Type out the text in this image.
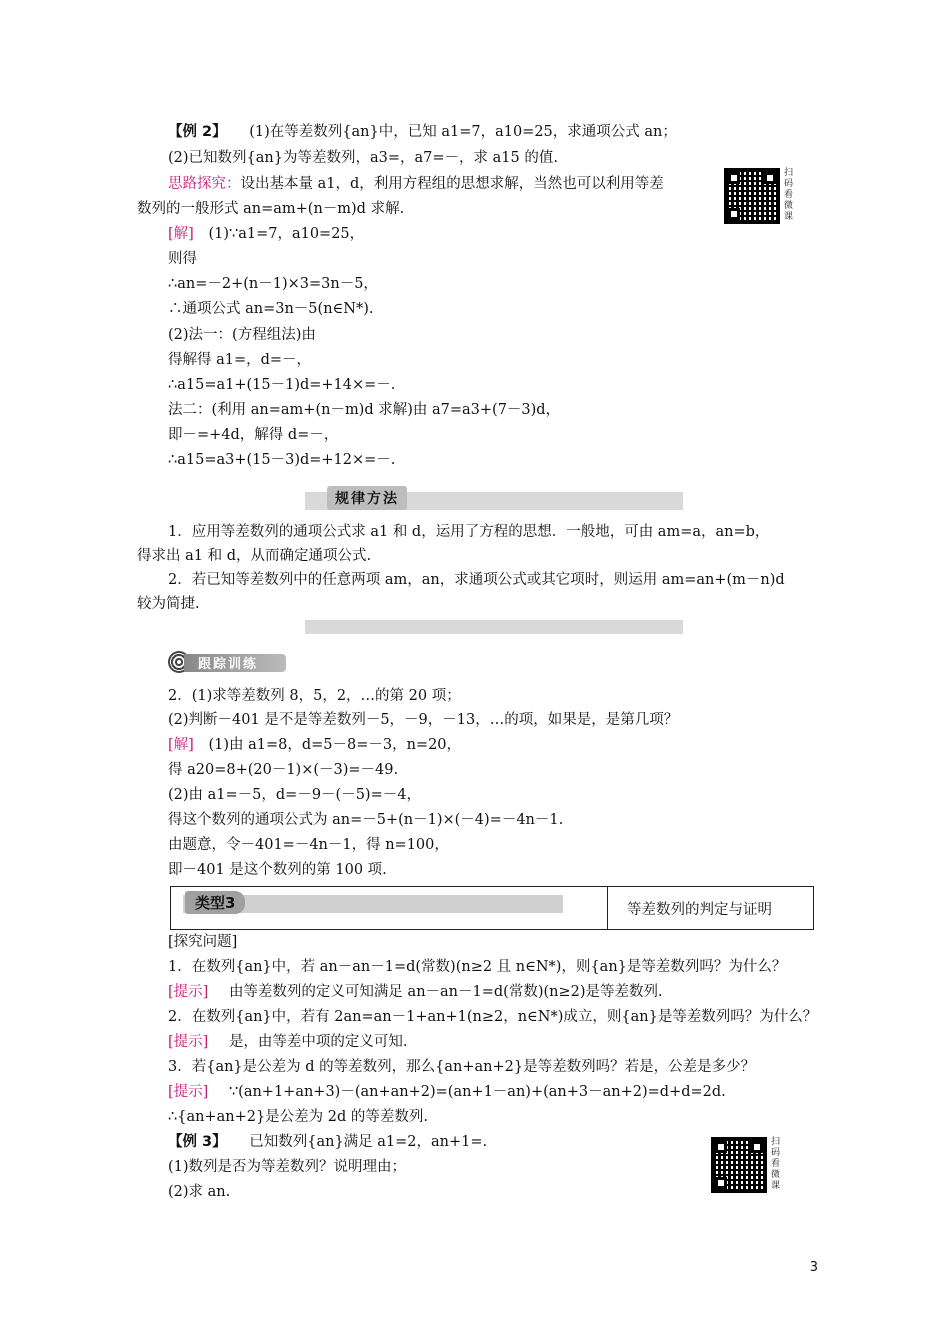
【例 2】 (1)在等差数列{an}中，已知 a1=7，a10=25，求通项公式 an；
(2)已知数列{an}为等差数列，a3=，a7=－，求 a15 的值.
思路探究：设出基本量 a1，d，利用方程组的思想求解，当然也可以利用等差
数列的一般形式 an=am+(n－m)d 求解.
[解] (1)∵a1=7，a10=25，
则得
∴an=－2+(n－1)×3=3n－5，
∴通项公式 an=3n－5(n∈N*).
(2)法一：(方程组法)由
得解得 a1=，d=－，
∴a15=a1+(15－1)d=+14×=－.
法二：(利用 an=am+(n－m)d 求解)由 a7=a3+(7－3)d，
即－=+4d，解得 d=－，
∴a15=a3+(15－3)d=+12×=－.
扫
码
看
微
课
规律方法
1．应用等差数列的通项公式求 a1 和 d，运用了方程的思想．一般地，可由 am=a，an=b，
得求出 a1 和 d，从而确定通项公式.
2．若已知等差数列中的任意两项 am，an，求通项公式或其它项时，则运用 am=an+(m－n)d
较为简捷.
跟踪训练
2．(1)求等差数列 8，5，2，…的第 20 项；
(2)判断－401 是不是等差数列－5，－9，－13，…的项，如果是，是第几项？
[解] (1)由 a1=8，d=5－8=－3，n=20，
得 a20=8+(20－1)×(－3)=－49.
(2)由 a1=－5，d=－9－(－5)=－4，
得这个数列的通项公式为 an=－5+(n－1)×(－4)=－4n－1.
由题意，令－401=－4n－1，得 n=100，
即－401 是这个数列的第 100 项.
类型3	等差数列的判定与证明
[探究问题]
1．在数列{an}中，若 an－an－1=d(常数)(n≥2 且 n∈N*)，则{an}是等差数列吗？为什么？
[提示] 由等差数列的定义可知满足 an－an－1=d(常数)(n≥2)是等差数列.
2．在数列{an}中，若有 2an=an－1+an+1(n≥2，n∈N*)成立，则{an}是等差数列吗？为什么？
[提示] 是，由等差中项的定义可知.
3．若{an}是公差为 d 的等差数列，那么{an+an+2}是等差数列吗？若是，公差是多少？
[提示] ∵(an+1+an+3)－(an+an+2)=(an+1－an)+(an+3－an+2)=d+d=2d.
∴{an+an+2}是公差为 2d 的等差数列.
【例 3】 已知数列{an}满足 a1=2，an+1=.
(1)数列是否为等差数列？说明理由；
(2)求 an.
扫
码
看
微
课
3
